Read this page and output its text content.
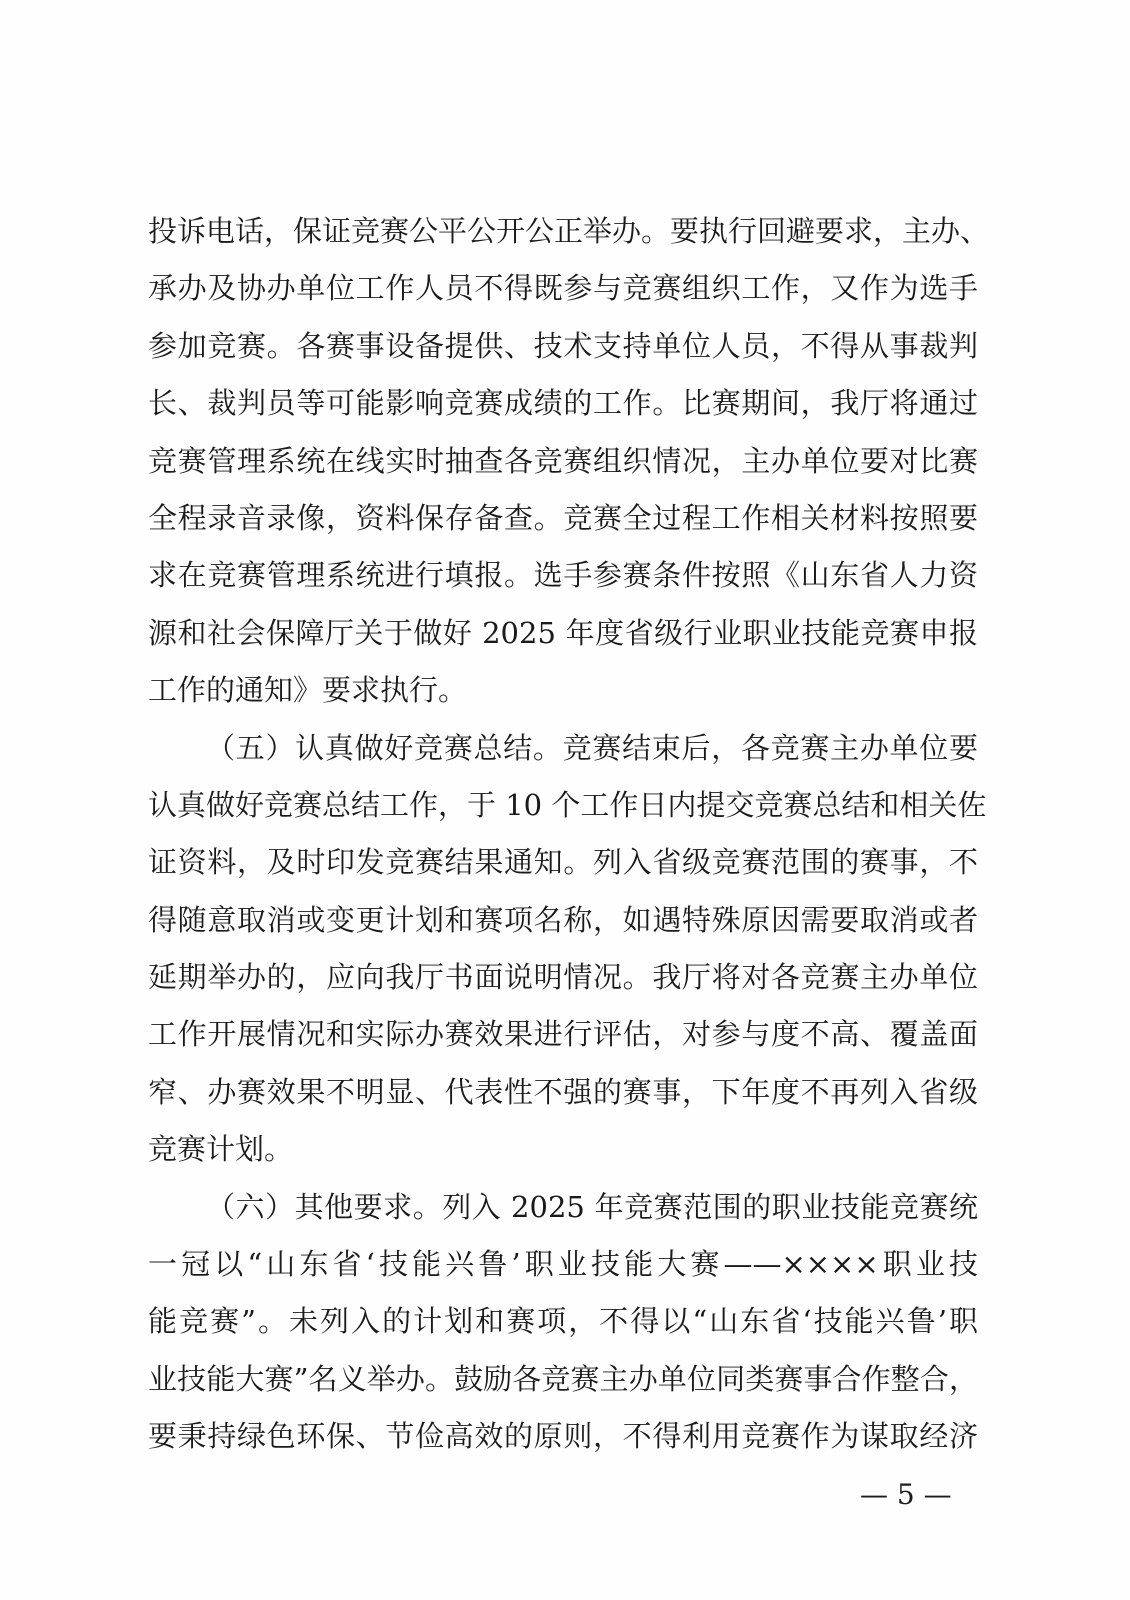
投诉电话，保证竞赛公平公开公正举办。要执行回避要求，主办、
承办及协办单位工作人员不得既参与竞赛组织工作，又作为选手
参加竞赛。各赛事设备提供、技术支持单位人员，不得从事裁判
长、裁判员等可能影响竞赛成绩的工作。比赛期间，我厅将通过
竞赛管理系统在线实时抽查各竞赛组织情况，主办单位要对比赛
全程录音录像，资料保存备查。竞赛全过程工作相关材料按照要
求在竞赛管理系统进行填报。选手参赛条件按照《山东省人力资
源和社会保障厅关于做好 2025 年度省级行业职业技能竞赛申报
工作的通知》要求执行。
（五）认真做好竞赛总结。竞赛结束后，各竞赛主办单位要
认真做好竞赛总结工作，于 10 个工作日内提交竞赛总结和相关佐
证资料，及时印发竞赛结果通知。列入省级竞赛范围的赛事，不
得随意取消或变更计划和赛项名称，如遇特殊原因需要取消或者
延期举办的，应向我厅书面说明情况。我厅将对各竞赛主办单位
工作开展情况和实际办赛效果进行评估，对参与度不高、覆盖面
窄、办赛效果不明显、代表性不强的赛事，下年度不再列入省级
竞赛计划。
（六）其他要求。列入 2025 年竞赛范围的职业技能竞赛统
一冠以“山东省‘技能兴鲁’职业技能大赛——××××职业技
能竞赛”。未列入的计划和赛项，不得以“山东省‘技能兴鲁’职
业技能大赛”名义举办。鼓励各竞赛主办单位同类赛事合作整合，
要秉持绿色环保、节俭高效的原则，不得利用竞赛作为谋取经济
— 5 —
